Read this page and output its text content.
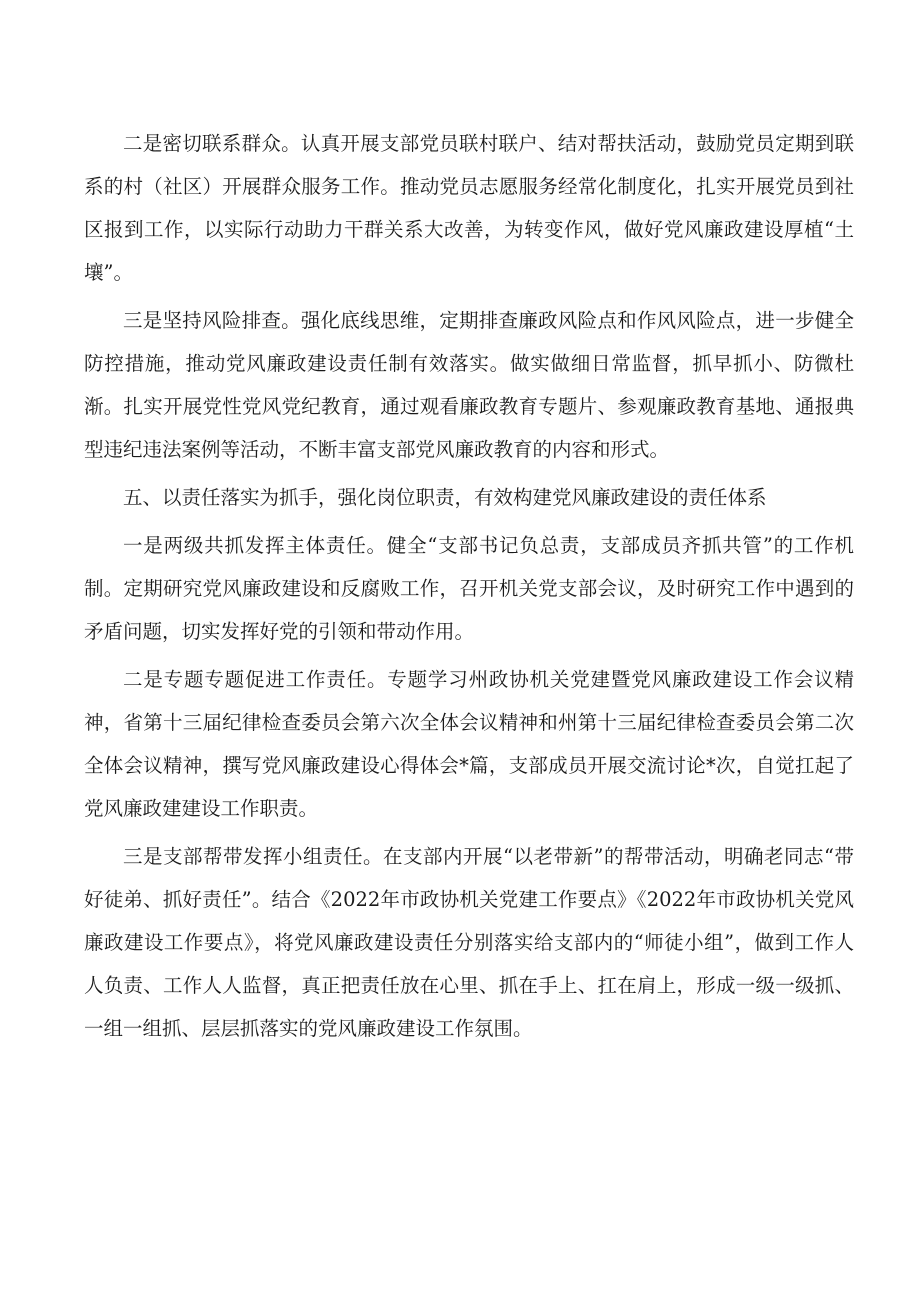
二是密切联系群众。认真开展支部党员联村联户、结对帮扶活动，鼓励党员定期到联系的村（社区）开展群众服务工作。推动党员志愿服务经常化制度化，扎实开展党员到社区报到工作，以实际行动助力干群关系大改善，为转变作风，做好党风廉政建设厚植“土壤”。

三是坚持风险排查。强化底线思维，定期排查廉政风险点和作风风险点，进一步健全防控措施，推动党风廉政建设责任制有效落实。做实做细日常监督，抓早抓小、防微杜渐。扎实开展党性党风党纪教育，通过观看廉政教育专题片、参观廉政教育基地、通报典型违纪违法案例等活动，不断丰富支部党风廉政教育的内容和形式。

五、以责任落实为抓手，强化岗位职责，有效构建党风廉政建设的责任体系

一是两级共抓发挥主体责任。健全“支部书记负总责，支部成员齐抓共管”的工作机制。定期研究党风廉政建设和反腐败工作，召开机关党支部会议，及时研究工作中遇到的矛盾问题，切实发挥好党的引领和带动作用。

二是专题专题促进工作责任。专题学习州政协机关党建暨党风廉政建设工作会议精神，省第十三届纪律检查委员会第六次全体会议精神和州第十三届纪律检查委员会第二次全体会议精神，撰写党风廉政建设心得体会*篇，支部成员开展交流讨论*次，自觉扛起了党风廉政建建设工作职责。

三是支部帮带发挥小组责任。在支部内开展“以老带新”的帮带活动，明确老同志“带好徒弟、抓好责任”。结合《2022年市政协机关党建工作要点》《2022年市政协机关党风廉政建设工作要点》，将党风廉政建设责任分别落实给支部内的“师徒小组”，做到工作人人负责、工作人人监督，真正把责任放在心里、抓在手上、扛在肩上，形成一级一级抓、一组一组抓、层层抓落实的党风廉政建设工作氛围。
